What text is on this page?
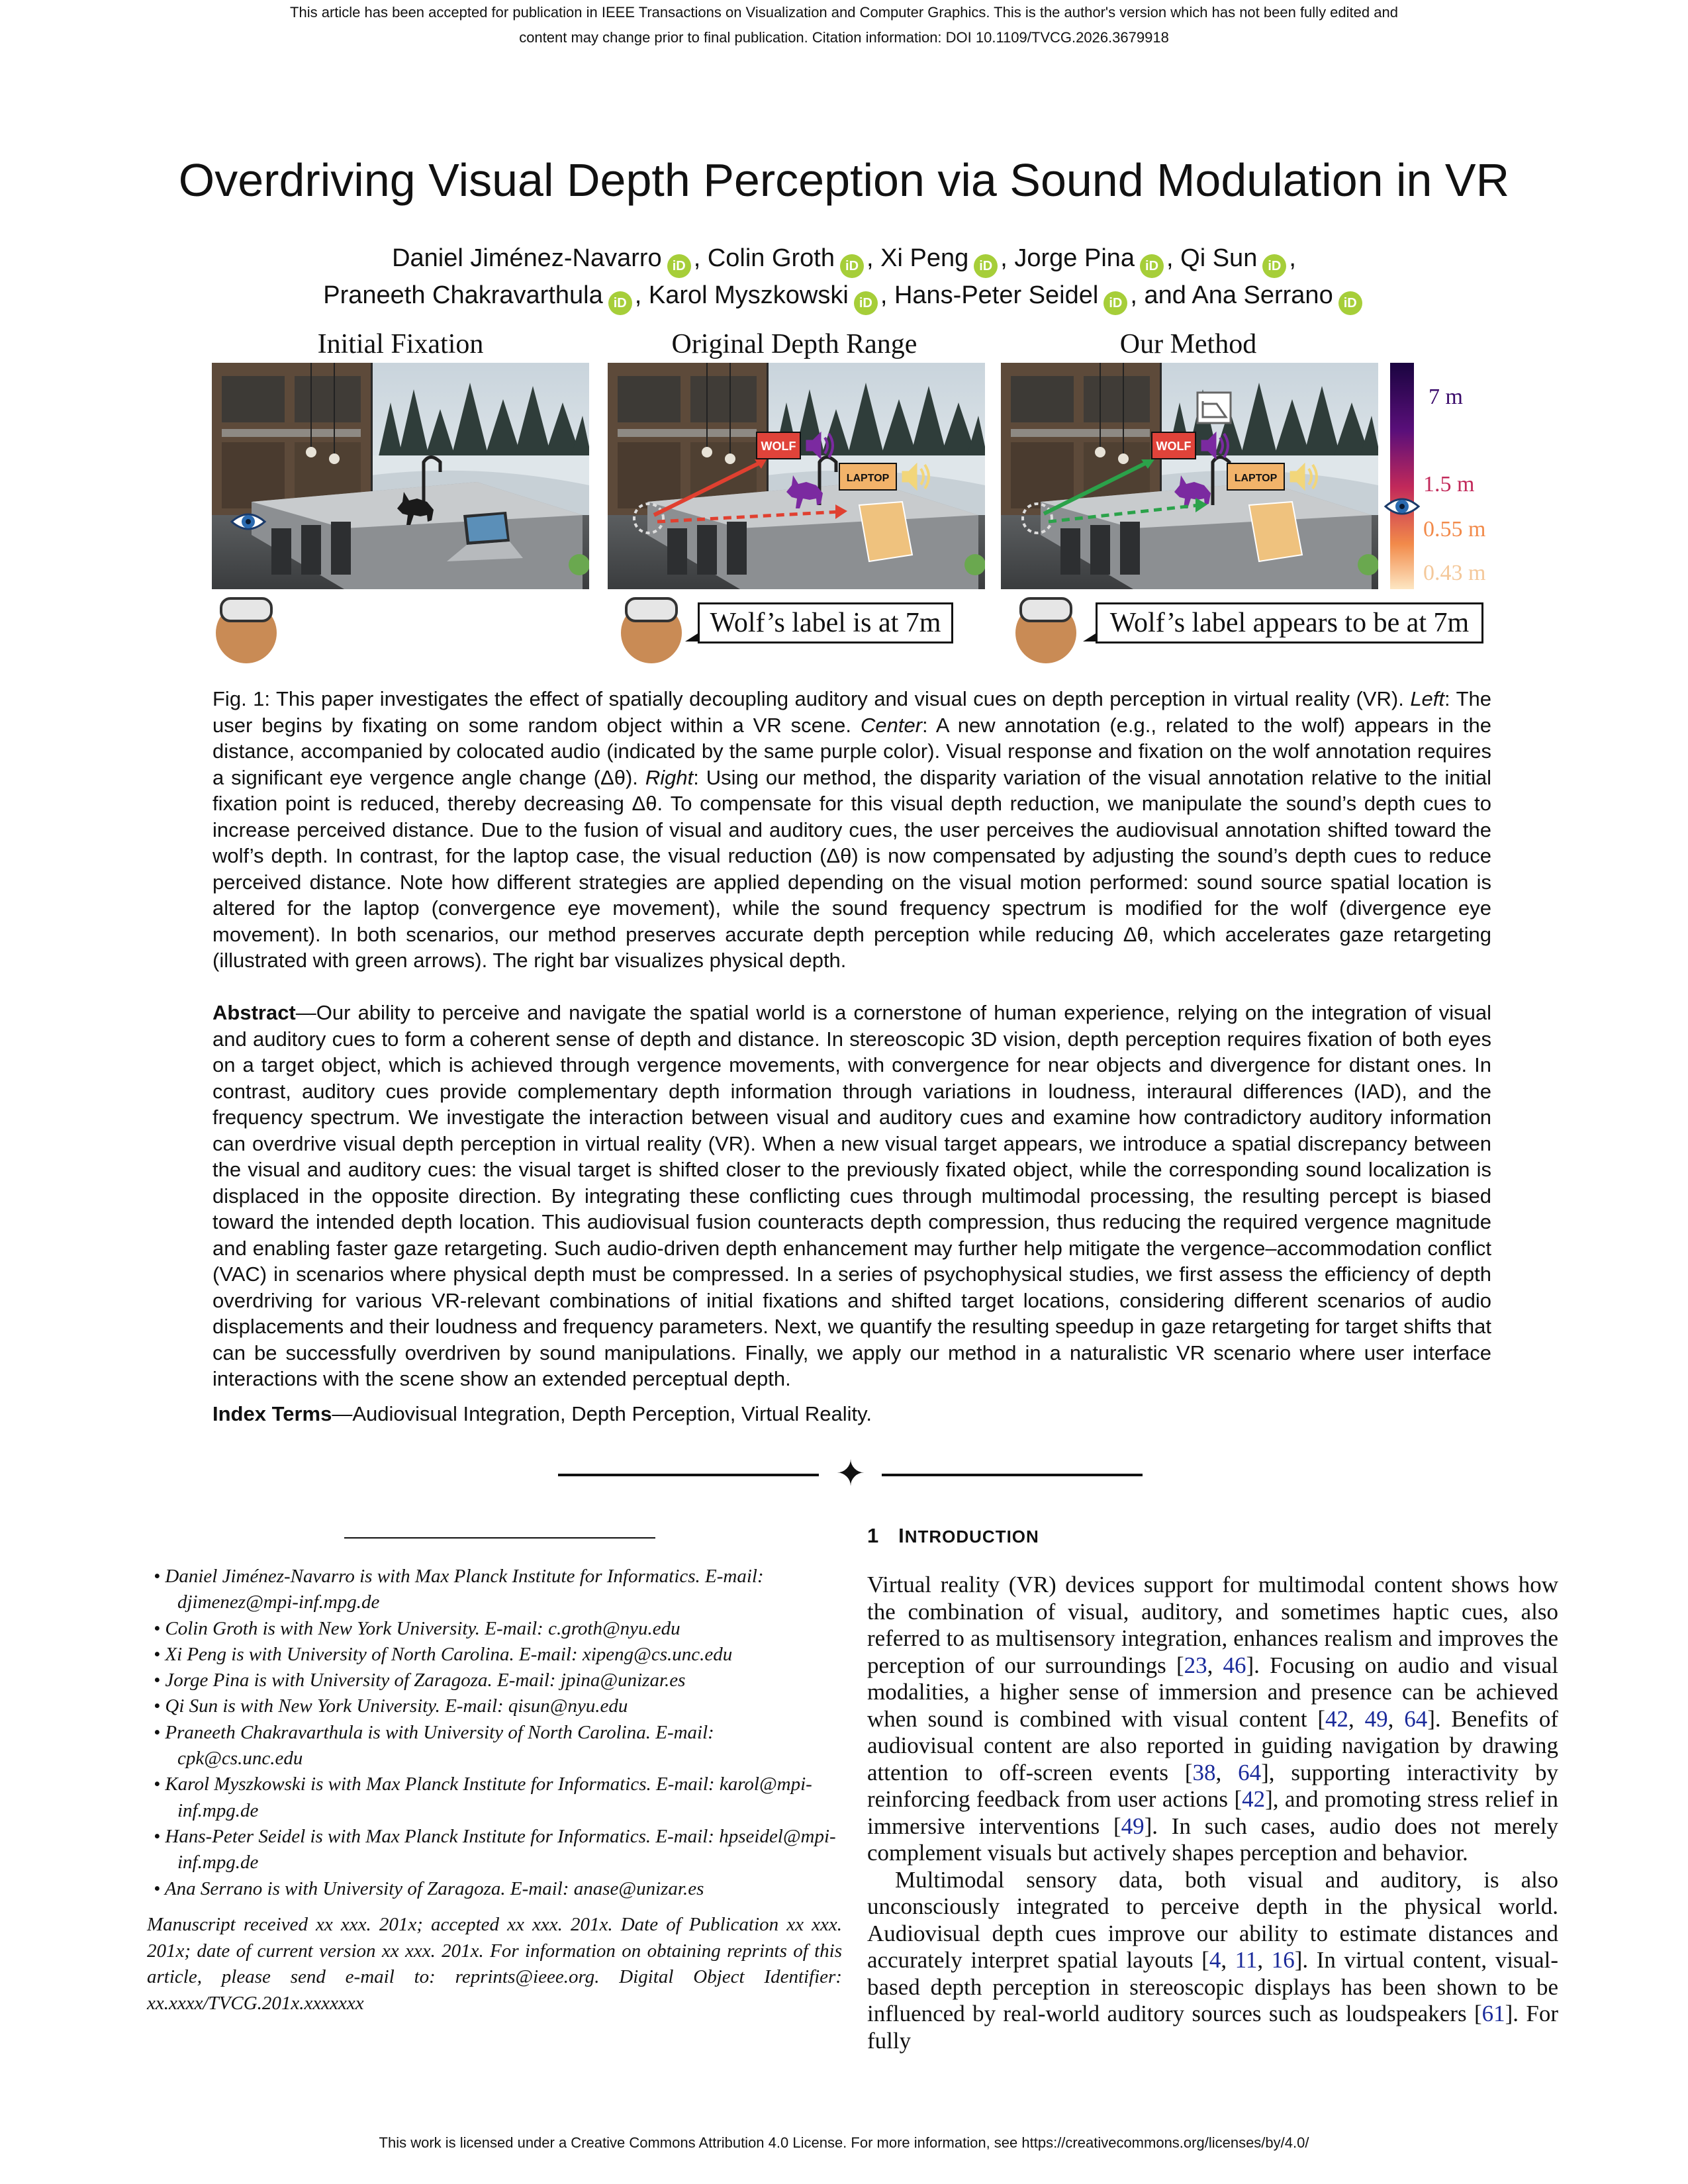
This article has been accepted for publication in IEEE Transactions on Visualization and Computer Graphics. This is the author's version which has not been fully edited and
content may change prior to final publication. Citation information: DOI 10.1109/TVCG.2026.3679918
Overdriving Visual Depth Perception via Sound Modulation in VR
Daniel Jiménez-Navarro iD , Colin Groth iD , Xi Peng iD , Jorge Pina iD , Qi Sun iD ,
Praneeth Chakravarthula iD , Karol Myszkowski iD , Hans-Peter Seidel iD , and Ana Serrano iD
Initial Fixation	Original Depth Range	Our Method
WOLF
LAPTOP
WOLF
LAPTOP
7 m
1.5 m
0.55 m
0.43 m
Wolf’s label is at 7m	Wolf’s label appears to be at 7m
Fig. 1: This paper investigates the effect of spatially decoupling auditory and visual cues on depth perception in virtual reality (VR). Left: The user begins by fixating on some random object within a VR scene. Center: A new annotation (e.g., related to the wolf) appears in the distance, accompanied by colocated audio (indicated by the same purple color). Visual response and fixation on the wolf annotation requires a significant eye vergence angle change (Δθ). Right: Using our method, the disparity variation of the visual annotation relative to the initial fixation point is reduced, thereby decreasing Δθ. To compensate for this visual depth reduction, we manipulate the sound’s depth cues to increase perceived distance. Due to the fusion of visual and auditory cues, the user perceives the audiovisual annotation shifted toward the wolf’s depth. In contrast, for the laptop case, the visual reduction (Δθ) is now compensated by adjusting the sound’s depth cues to reduce perceived distance. Note how different strategies are applied depending on the visual motion performed: sound source spatial location is altered for the laptop (convergence eye movement), while the sound frequency spectrum is modified for the wolf (divergence eye movement). In both scenarios, our method preserves accurate depth perception while reducing Δθ, which accelerates gaze retargeting (illustrated with green arrows). The right bar visualizes physical depth.
Abstract—Our ability to perceive and navigate the spatial world is a cornerstone of human experience, relying on the integration of visual and auditory cues to form a coherent sense of depth and distance. In stereoscopic 3D vision, depth perception requires fixation of both eyes on a target object, which is achieved through vergence movements, with convergence for near objects and divergence for distant ones. In contrast, auditory cues provide complementary depth information through variations in loudness, interaural differences (IAD), and the frequency spectrum. We investigate the interaction between visual and auditory cues and examine how contradictory auditory information can overdrive visual depth perception in virtual reality (VR). When a new visual target appears, we introduce a spatial discrepancy between the visual and auditory cues: the visual target is shifted closer to the previously fixated object, while the corresponding sound localization is displaced in the opposite direction. By integrating these conflicting cues through multimodal processing, the resulting percept is biased toward the intended depth location. This audiovisual fusion counteracts depth compression, thus reducing the required vergence magnitude and enabling faster gaze retargeting. Such audio-driven depth enhancement may further help mitigate the vergence–accommodation conflict (VAC) in scenarios where physical depth must be compressed. In a series of psychophysical studies, we first assess the efficiency of depth overdriving for various VR-relevant combinations of initial fixations and shifted target locations, considering different scenarios of audio displacements and their loudness and frequency parameters. Next, we quantify the resulting speedup in gaze retargeting for target shifts that can be successfully overdriven by sound manipulations. Finally, we apply our method in a naturalistic VR scenario where user interface interactions with the scene show an extended perceptual depth.
Index Terms—Audiovisual Integration, Depth Perception, Virtual Reality.
✦
• Daniel Jiménez-Navarro is with Max Planck Institute for Informatics. E-mail: djimenez@mpi-inf.mpg.de
• Colin Groth is with New York University. E-mail: c.groth@nyu.edu
• Xi Peng is with University of North Carolina. E-mail: xipeng@cs.unc.edu
• Jorge Pina is with University of Zaragoza. E-mail: jpina@unizar.es
• Qi Sun is with New York University. E-mail: qisun@nyu.edu
• Praneeth Chakravarthula is with University of North Carolina. E-mail: cpk@cs.unc.edu
• Karol Myszkowski is with Max Planck Institute for Informatics. E-mail: karol@mpi-inf.mpg.de
• Hans-Peter Seidel is with Max Planck Institute for Informatics. E-mail: hpseidel@mpi-inf.mpg.de
• Ana Serrano is with University of Zaragoza. E-mail: anase@unizar.es
Manuscript received xx xxx. 201x; accepted xx xxx. 201x. Date of Publication xx xxx. 201x; date of current version xx xxx. 201x. For information on obtaining reprints of this article, please send e-mail to: reprints@ieee.org. Digital Object Identifier: xx.xxxx/TVCG.201x.xxxxxxx
1 INTRODUCTION

Virtual reality (VR) devices support for multimodal content shows how the combination of visual, auditory, and sometimes haptic cues, also referred to as multisensory integration, enhances realism and improves the perception of our surroundings [23, 46]. Focusing on audio and visual modalities, a higher sense of immersion and presence can be achieved when sound is combined with visual content [42, 49, 64]. Benefits of audiovisual content are also reported in guiding navigation by drawing attention to off-screen events [38, 64], supporting interactivity by reinforcing feedback from user actions [42], and promoting stress relief in immersive interventions [49]. In such cases, audio does not merely complement visuals but actively shapes perception and behavior.

Multimodal sensory data, both visual and auditory, is also unconsciously integrated to perceive depth in the physical world. Audiovisual depth cues improve our ability to estimate distances and accurately interpret spatial layouts [4, 11, 16]. In virtual content, visual-based depth perception in stereoscopic displays has been shown to be influenced by real-world auditory sources such as loudspeakers [61]. For fully

This work is licensed under a Creative Commons Attribution 4.0 License. For more information, see https://creativecommons.org/licenses/by/4.0/
